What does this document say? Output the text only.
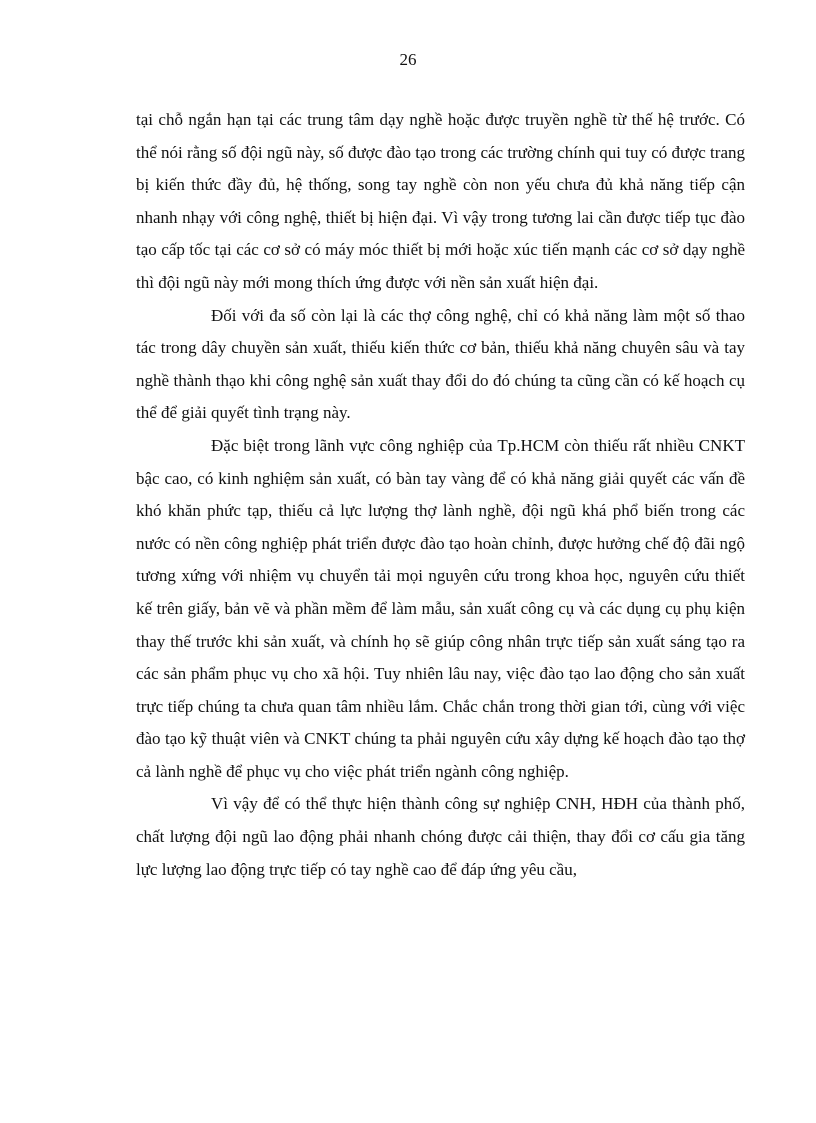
26

tại chỗ ngắn hạn tại các trung tâm dạy nghề hoặc được truyền nghề từ thế hệ trước. Có thể nói rằng số đội ngũ này, số được đào tạo trong các trường chính qui tuy có được trang bị kiến thức đầy đủ, hệ thống, song tay nghề còn non yếu chưa đủ khả năng tiếp cận nhanh nhạy với công nghệ, thiết bị hiện đại. Vì vậy trong tương lai cần được tiếp tục đào tạo cấp tốc tại các cơ sở có máy móc thiết bị mới hoặc xúc tiến mạnh các cơ sở dạy nghề thì đội ngũ này mới mong thích ứng được với nền sản xuất hiện đại.

Đối với đa số còn lại là các thợ công nghệ, chỉ có khả năng làm một số thao tác trong dây chuyền sản xuất, thiếu kiến thức cơ bản, thiếu khả năng chuyên sâu và tay nghề thành thạo khi công nghệ sản xuất thay đổi do đó chúng ta cũng cần có kế hoạch cụ thể để giải quyết tình trạng này.

Đặc biệt trong lãnh vực công nghiệp của Tp.HCM còn thiếu rất nhiều CNKT bậc cao, có kinh nghiệm sản xuất, có bàn tay vàng để có khả năng giải quyết các vấn đề khó khăn phức tạp, thiếu cả lực lượng thợ lành nghề, đội ngũ khá phổ biến trong các nước có nền công nghiệp phát triển được đào tạo hoàn chỉnh, được hưởng chế độ đãi ngộ tương xứng với nhiệm vụ chuyển tải mọi nguyên cứu trong khoa học, nguyên cứu thiết kế trên giấy, bản vẽ và phần mềm để làm mẫu, sản xuất công cụ và các dụng cụ phụ kiện thay thế trước khi sản xuất, và chính họ sẽ giúp công nhân trực tiếp sản xuất sáng tạo ra các sản phẩm phục vụ cho xã hội. Tuy nhiên lâu nay, việc đào tạo lao động cho sản xuất trực tiếp chúng ta chưa quan tâm nhiều lắm. Chắc chắn trong thời gian tới, cùng với việc đào tạo kỹ thuật viên và CNKT chúng ta phải nguyên cứu xây dựng kế hoạch đào tạo thợ cả lành nghề để phục vụ cho việc phát triển ngành công nghiệp.

Vì vậy để có thể thực hiện thành công sự nghiệp CNH, HĐH của thành phố, chất lượng đội ngũ lao động phải nhanh chóng được cải thiện, thay đổi cơ cấu gia tăng lực lượng lao động trực tiếp có tay nghề cao để đáp ứng yêu cầu,
